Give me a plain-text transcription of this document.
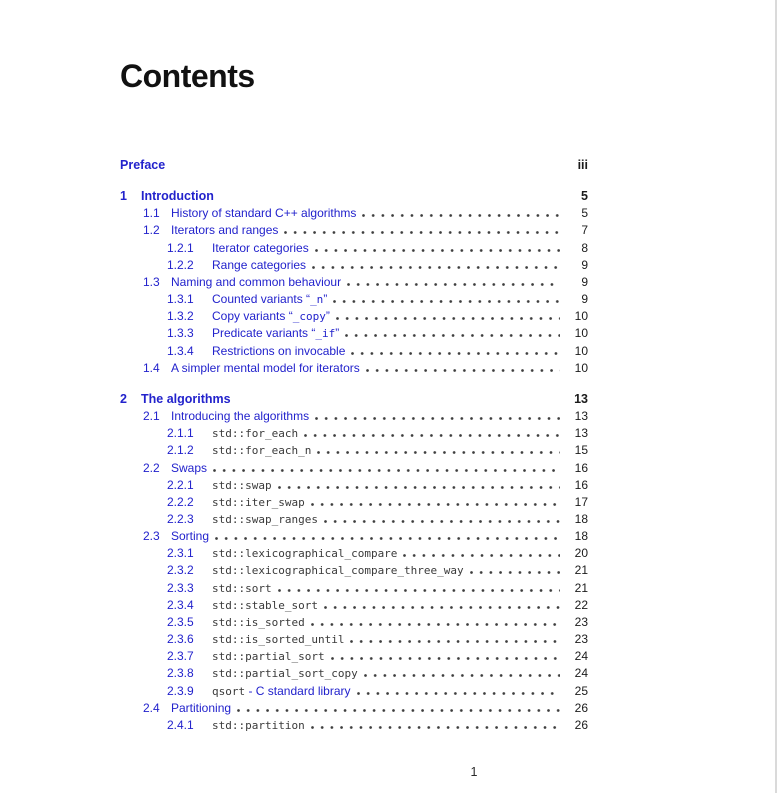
Contents
Preface	iii
1	Introduction	5
1.1 History of standard C++ algorithms	5
1.2 Iterators and ranges	7
1.2.1	Iterator categories	8
1.2.2	Range categories	9
1.3 Naming and common behaviour	9
1.3.1	Counted variants “_n”	9
1.3.2	Copy variants “_copy”	10
1.3.3	Predicate variants “_if”	10
1.3.4	Restrictions on invocable	10
1.4 A simpler mental model for iterators	10
2	The algorithms	13
2.1 Introducing the algorithms	13
2.1.1	std::for_each	13
2.1.2	std::for_each_n	15
2.2 Swaps	16
2.2.1	std::swap	16
2.2.2	std::iter_swap	17
2.2.3	std::swap_ranges	18
2.3 Sorting	18
2.3.1	std::lexicographical_compare	20
2.3.2	std::lexicographical_compare_three_way	21
2.3.3	std::sort	21
2.3.4	std::stable_sort	22
2.3.5	std::is_sorted	23
2.3.6	std::is_sorted_until	23
2.3.7	std::partial_sort	24
2.3.8	std::partial_sort_copy	24
2.3.9	qsort - C standard library	25
2.4 Partitioning	26
2.4.1	std::partition	26
1
